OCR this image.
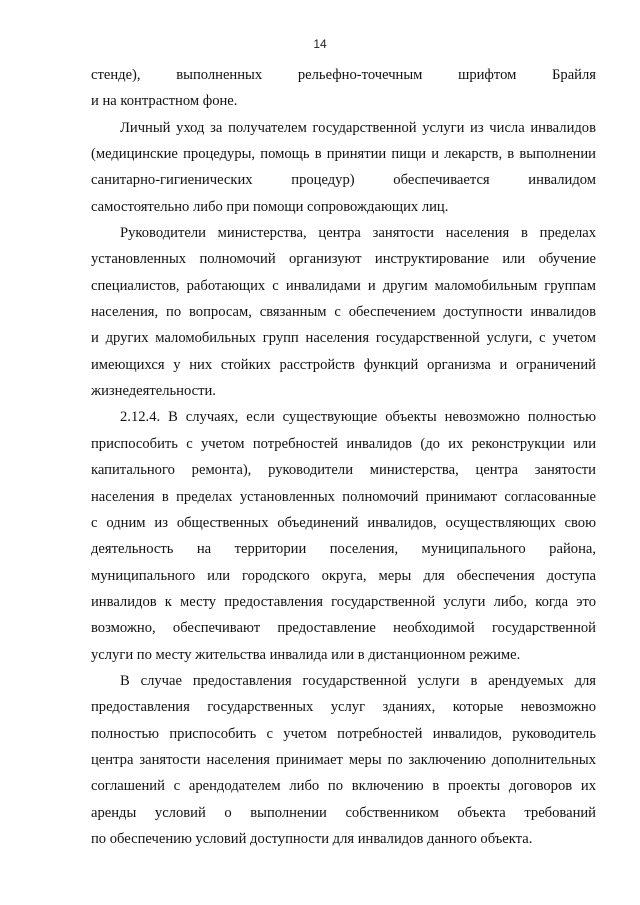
14
стенде), выполненных рельефно-точечным шрифтом Брайля
и на контрастном фоне.
Личный уход за получателем государственной услуги из числа инвалидов
(медицинские процедуры, помощь в принятии пищи и лекарств, в выполнении
санитарно-гигиенических процедур) обеспечивается инвалидом
самостоятельно либо при помощи сопровождающих лиц.
Руководители министерства, центра занятости населения в пределах
установленных полномочий организуют инструктирование или обучение
специалистов, работающих с инвалидами и другим маломобильным группам
населения, по вопросам, связанным с обеспечением доступности инвалидов
и других маломобильных групп населения государственной услуги, с учетом
имеющихся у них стойких расстройств функций организма и ограничений
жизнедеятельности.
2.12.4. В случаях, если существующие объекты невозможно полностью
приспособить с учетом потребностей инвалидов (до их реконструкции или
капитального ремонта), руководители министерства, центра занятости
населения в пределах установленных полномочий принимают согласованные
с одним из общественных объединений инвалидов, осуществляющих свою
деятельность на территории поселения, муниципального района,
муниципального или городского округа, меры для обеспечения доступа
инвалидов к месту предоставления государственной услуги либо, когда это
возможно, обеспечивают предоставление необходимой государственной
услуги по месту жительства инвалида или в дистанционном режиме.
В случае предоставления государственной услуги в арендуемых для
предоставления государственных услуг зданиях, которые невозможно
полностью приспособить с учетом потребностей инвалидов, руководитель
центра занятости населения принимает меры по заключению дополнительных
соглашений с арендодателем либо по включению в проекты договоров их
аренды условий о выполнении собственником объекта требований
по обеспечению условий доступности для инвалидов данного объекта.
